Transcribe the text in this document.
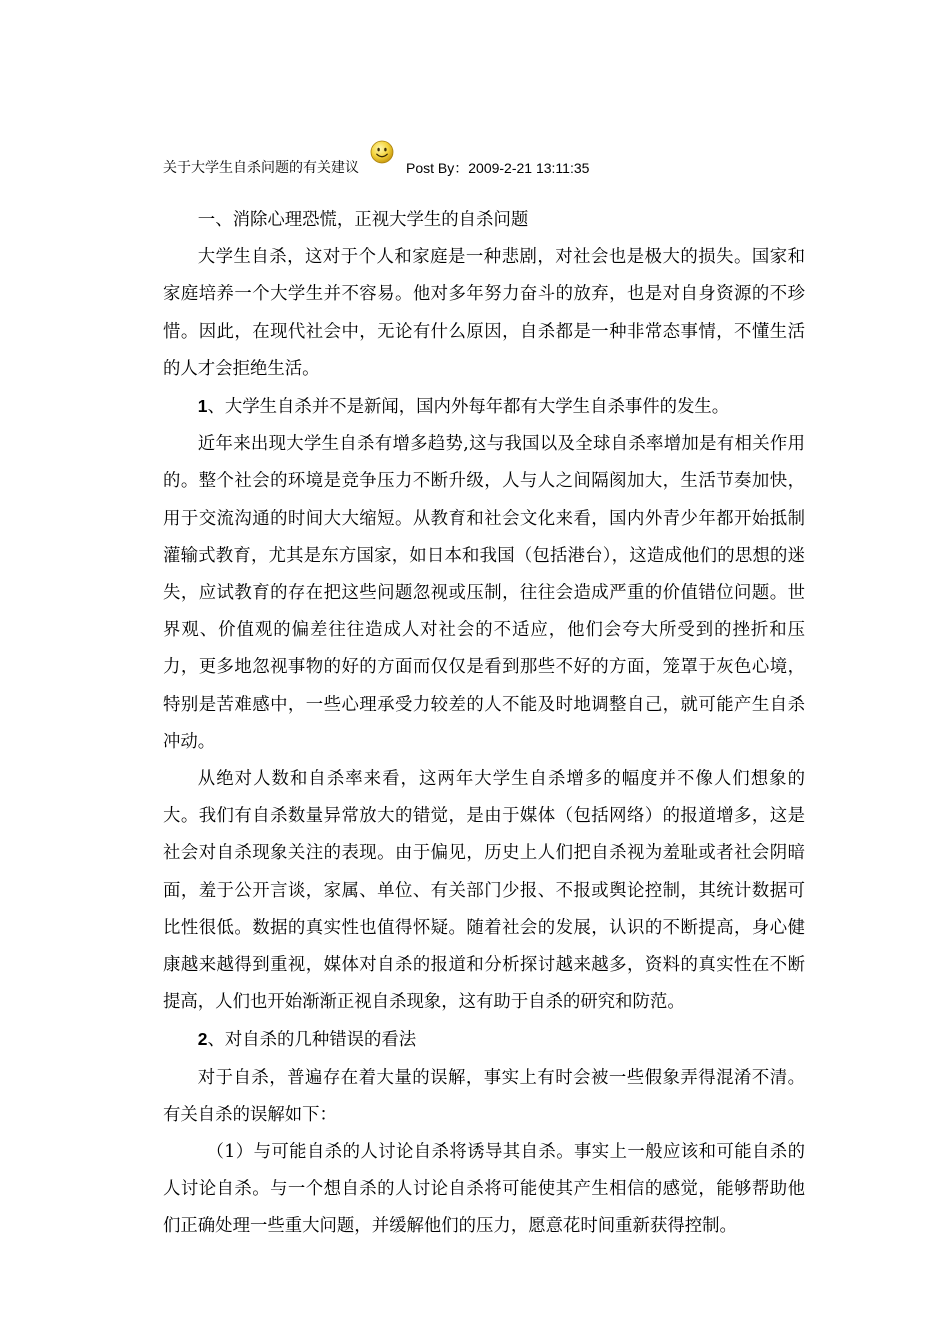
关于大学生自杀问题的有关建议	Post By：2009-2-21 13:11:35

一、消除心理恐慌，正视大学生的自杀问题

大学生自杀，这对于个人和家庭是一种悲剧，对社会也是极大的损失。国家和家庭培养一个大学生并不容易。他对多年努力奋斗的放弃，也是对自身资源的不珍惜。因此，在现代社会中，无论有什么原因，自杀都是一种非常态事情，不懂生活的人才会拒绝生活。

1、大学生自杀并不是新闻，国内外每年都有大学生自杀事件的发生。

近年来出现大学生自杀有增多趋势,这与我国以及全球自杀率增加是有相关作用的。整个社会的环境是竞争压力不断升级，人与人之间隔阂加大，生活节奏加快，用于交流沟通的时间大大缩短。从教育和社会文化来看，国内外青少年都开始抵制灌输式教育，尤其是东方国家，如日本和我国（包括港台），这造成他们的思想的迷失，应试教育的存在把这些问题忽视或压制，往往会造成严重的价值错位问题。世界观、价值观的偏差往往造成人对社会的不适应，他们会夸大所受到的挫折和压力，更多地忽视事物的好的方面而仅仅是看到那些不好的方面，笼罩于灰色心境，特别是苦难感中，一些心理承受力较差的人不能及时地调整自己，就可能产生自杀冲动。

从绝对人数和自杀率来看，这两年大学生自杀增多的幅度并不像人们想象的大。我们有自杀数量异常放大的错觉，是由于媒体（包括网络）的报道增多，这是社会对自杀现象关注的表现。由于偏见，历史上人们把自杀视为羞耻或者社会阴暗面，羞于公开言谈，家属、单位、有关部门少报、不报或舆论控制，其统计数据可比性很低。数据的真实性也值得怀疑。随着社会的发展，认识的不断提高，身心健康越来越得到重视，媒体对自杀的报道和分析探讨越来越多，资料的真实性在不断提高，人们也开始渐渐正视自杀现象，这有助于自杀的研究和防范。

2、对自杀的几种错误的看法

对于自杀，普遍存在着大量的误解，事实上有时会被一些假象弄得混淆不清。有关自杀的误解如下：

（1）与可能自杀的人讨论自杀将诱导其自杀。事实上一般应该和可能自杀的人讨论自杀。与一个想自杀的人讨论自杀将可能使其产生相信的感觉，能够帮助他们正确处理一些重大问题，并缓解他们的压力，愿意花时间重新获得控制。
